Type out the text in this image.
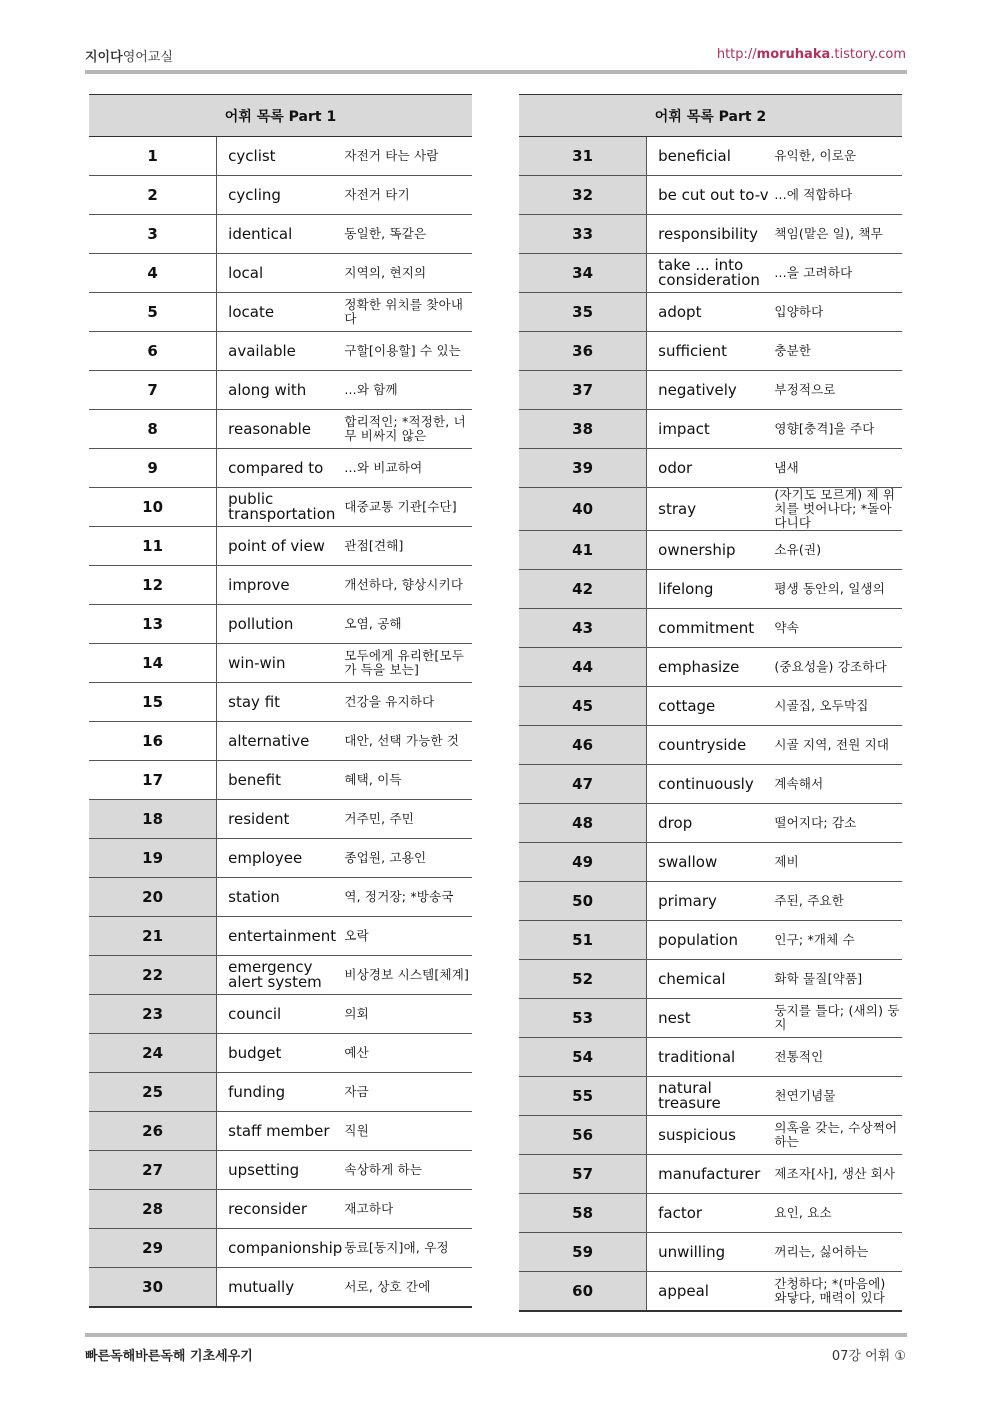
지이다영어교실	http://moruhaka.tistory.com
어휘 목록 Part 1		
1	cyclist	자전거 타는 사람
2	cycling	자전거 타기
3	identical	동일한, 똑같은
4	local	지역의, 현지의
5	locate	정확한 위치를 찾아내다
6	available	구할[이용할] 수 있는
7	along with	...와 함께
8	reasonable	합리적인; *적정한, 너무 비싸지 않은
9	compared to	...와 비교하여
10	public transportation	대중교통 기관[수단]
11	point of view	관점[견해]
12	improve	개선하다, 향상시키다
13	pollution	오염, 공해
14	win-win	모두에게 유리한[모두가 득을 보는]
15	stay fit	건강을 유지하다
16	alternative	대안, 선택 가능한 것
17	benefit	혜택, 이득
18	resident	거주민, 주민
19	employee	종업원, 고용인
20	station	역, 정거장; *방송국
21	entertainment	오락
22	emergency alert system	비상경보 시스템[체계]
23	council	의회
24	budget	예산
25	funding	자금
26	staff member	직원
27	upsetting	속상하게 하는
28	reconsider	재고하다
29	companionship	동료[동지]애, 우정
30	mutually	서로, 상호 간에
어휘 목록 Part 2		
31	beneficial	유익한, 이로운
32	be cut out to-v	...에 적합하다
33	responsibility	책임(맡은 일), 책무
34	take ... into consideration	...을 고려하다
35	adopt	입양하다
36	sufficient	충분한
37	negatively	부정적으로
38	impact	영향[충격]을 주다
39	odor	냄새
40	stray	(자기도 모르게) 제 위치를 벗어나다; *돌아다니다
41	ownership	소유(권)
42	lifelong	평생 동안의, 일생의
43	commitment	약속
44	emphasize	(중요성을) 강조하다
45	cottage	시골집, 오두막집
46	countryside	시골 지역, 전원 지대
47	continuously	계속해서
48	drop	떨어지다; 감소
49	swallow	제비
50	primary	주된, 주요한
51	population	인구; *개체 수
52	chemical	화학 물질[약품]
53	nest	둥지를 틀다; (새의) 둥지
54	traditional	전통적인
55	natural treasure	천연기념물
56	suspicious	의혹을 갖는, 수상쩍어하는
57	manufacturer	제조자[사], 생산 회사
58	factor	요인, 요소
59	unwilling	꺼리는, 싫어하는
60	appeal	간청하다; *(마음에) 와닿다, 매력이 있다
빠른독해바른독해 기초세우기	07강 어휘 ①
